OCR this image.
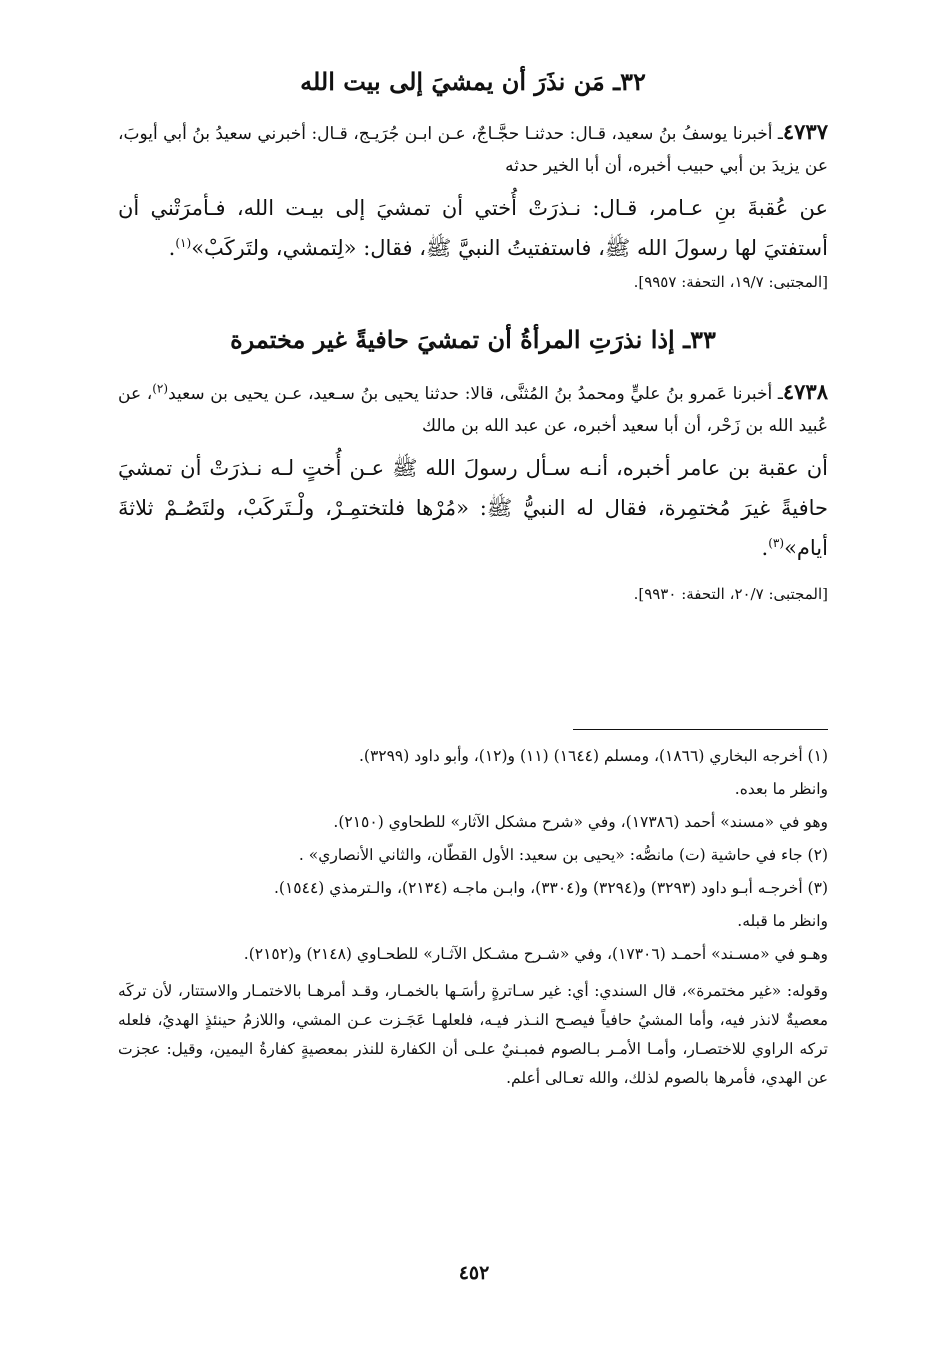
٣٢ـ مَن نذَرَ أن يمشيَ إلى بيت الله

٤٧٣٧ـ أخبرنا يوسفُ بنُ سعيد، قـال: حدثنـا حجَّـاجٌ، عـن ابـن جُرَيـج، قـال: أخبرني سعيدُ بنُ أبي أيوبَ، عن يزيدَ بن أبي حبيب أخبره، أن أبا الخير حدثه

عن عُقبةَ بنِ عـامر، قـال: نـذرَتْ أُختي أن تمشيَ إلى بيـت الله، فـأمرَتْني أن أستفتيَ لها رسولَ الله ﷺ، فاستفتيتُ النبيَّ ﷺ، فقال: «لِتمشي، ولتَركَبْ»$^{(١)}$.

[المجتبى: ١٩/٧، التحفة: ٩٩٥٧].

٣٣ـ إذا نذرَتِ المرأةُ أن تمشيَ حافيةً غير مختمرة

٤٧٣٨ـ أخبرنا عَمرو بنُ عليٍّ ومحمدُ بنُ المُثنَّى، قالا: حدثنا يحيى بنُ سـعيد، عـن يحيى بن سعيد$^{(٢)}$، عن عُبيد الله بن زَحْر، أن أبا سعيد أخبره، عن عبد الله بن مالك

أن عقبة بن عامر أخبره، أنـه سـأل رسولَ الله ﷺ عـن أُختٍ لـه نـذرَتْ أن تمشيَ حافيةً غيرَ مُختمِرة، فقال له النبيُّ ﷺ: «مُرْها فلتختمِـرْ، ولْـتَركَبْ، ولتَصُـمْ ثلاثةَ أيام»$^{(٣)}$.

[المجتبى: ٢٠/٧، التحفة: ٩٩٣٠].

(١) أخرجه البخاري (١٨٦٦)، ومسلم (١٦٤٤) (١١) و(١٢)، وأبو داود (٣٢٩٩).

وانظر ما بعده.

وهو في «مسند» أحمد (١٧٣٨٦)، وفي «شرح مشكل الآثار» للطحاوي (٢١٥٠).

(٢) جاء في حاشية (ت) مانصُّه: «يحيى بن سعيد: الأول القطّان، والثاني الأنصاري» .

(٣) أخرجـه أبـو داود (٣٢٩٣) و(٣٢٩٤) و(٣٣٠٤)، وابـن ماجـه (٢١٣٤)، والـترمذي (١٥٤٤).

وانظر ما قبله.

وهـو في «مسـند» أحمـد (١٧٣٠٦)، وفي «شـرح مشـكل الآثـار» للطحـاوي (٢١٤٨) و(٢١٥٢).

وقوله: «غير مختمرة»، قال السندي: أي: غير سـاترةٍ رأسَـها بالخمـار، وقـد أمرهـا بالاختمـار والاستتار، لأن تركَه معصيةٌ لانذر فيه، وأما المشيُ حافياً فيصـح النـذر فيـه، فلعلهـا عَجَـزت عـن المشي، واللازمُ حينئذٍ الهديُ، فلعله تركه الراوي للاختصـار، وأمـا الأمـر بـالصوم فمبـنيٌ علـى أن الكفارة للنذر بمعصيةٍ كفارةُ اليمين، وقيل: عجزت عن الهدي، فأمرها بالصوم لذلك، والله تعـالى أعلم.

٤٥٢
